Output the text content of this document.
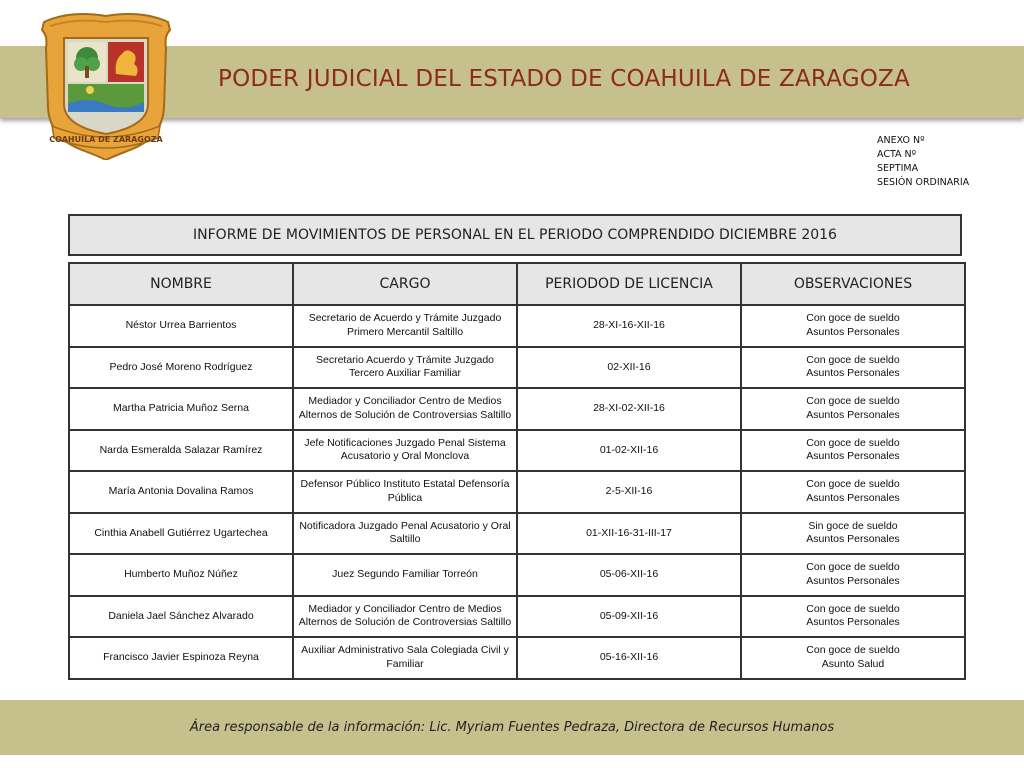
COAHUILA DE ZARAGOZA
PODER JUDICIAL DEL ESTADO DE COAHUILA DE ZARAGOZA
ANEXO Nº
ACTA Nº
SEPTIMA
SESIÓN ORDINARIA
INFORME DE MOVIMIENTOS DE PERSONAL EN EL PERIODO COMPRENDIDO DICIEMBRE 2016
NOMBRE	CARGO	PERIODOD DE LICENCIA	OBSERVACIONES
Néstor Urrea Barrientos	Secretario de Acuerdo y Trámite Juzgado Primero Mercantil Saltillo	28-XI-16-XII-16	Con goce de sueldo
Asuntos Personales

Pedro José Moreno Rodríguez	Secretario Acuerdo y Trámite Juzgado Tercero Auxiliar Familiar	02-XII-16	Con goce de sueldo
Asuntos Personales

Martha Patricia Muñoz Serna	Mediador y Conciliador Centro de Medios Alternos de Solución de Controversias Saltillo	28-XI-02-XII-16	Con goce de sueldo
Asuntos Personales

Narda Esmeralda Salazar Ramírez	Jefe Notificaciones Juzgado Penal Sistema Acusatorio y Oral Monclova	01-02-XII-16	Con goce de sueldo
Asuntos Personales

María Antonia Dovalina Ramos	Defensor Público Instituto Estatal Defensoría Pública	2-5-XII-16	Con goce de sueldo
Asuntos Personales

Cinthia Anabell Gutiérrez Ugartechea	Notificadora Juzgado Penal Acusatorio y Oral Saltillo	01-XII-16-31-III-17	Sin goce de sueldo
Asuntos Personales

Humberto Muñoz Núñez	Juez Segundo Familiar Torreón	05-06-XII-16	Con goce de sueldo
Asuntos Personales

Daniela Jael Sánchez Alvarado	Mediador y Conciliador Centro de Medios Alternos de Solución de Controversias Saltillo	05-09-XII-16	Con goce de sueldo
Asuntos Personales

Francisco Javier Espinoza Reyna	Auxiliar Administrativo Sala Colegiada Civil y Familiar	05-16-XII-16	Con goce de sueldo
Asunto Salud
Área responsable de la información: Lic. Myriam Fuentes Pedraza, Directora de Recursos Humanos
